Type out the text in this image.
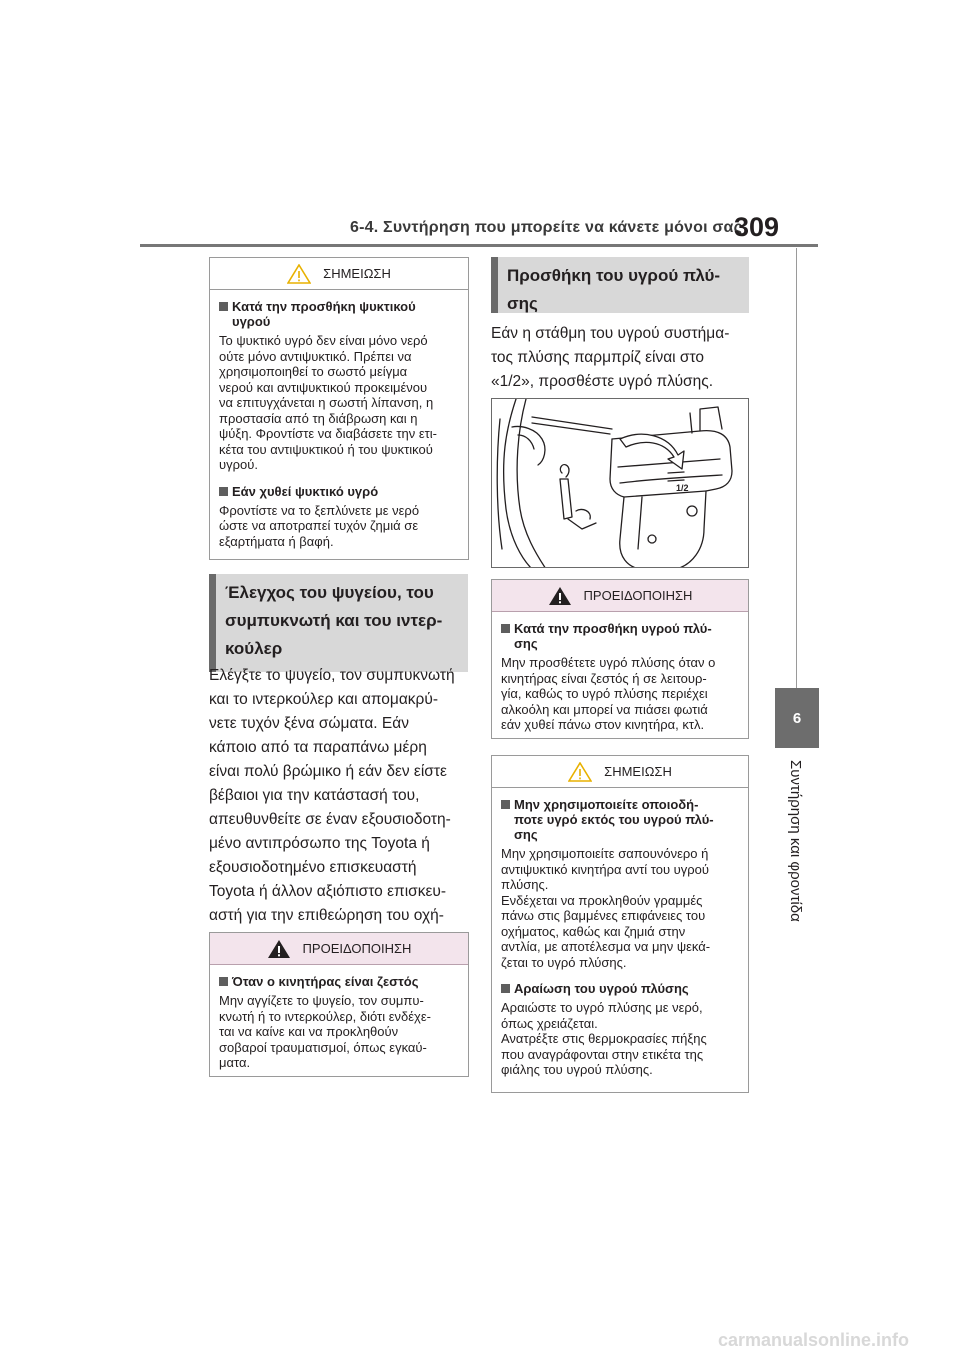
6-4. Συντήρηση που μπορείτε να κάνετε μόνοι σας
309
6
Συντήρηση και φροντίδα
ΣΗΜΕΙΩΣΗ
Κατά την προσθήκη ψυκτικού
υγρού
Το ψυκτικό υγρό δεν είναι μόνο νερό
ούτε μόνο αντιψυκτικό. Πρέπει να
χρησιμοποιηθεί το σωστό μείγμα
νερού και αντιψυκτικού προκειμένου
να επιτυγχάνεται η σωστή λίπανση, η
προστασία από τη διάβρωση και η
ψύξη. Φροντίστε να διαβάσετε την ετι-
κέτα του αντιψυκτικού ή του ψυκτικού
υγρού.
Εάν χυθεί ψυκτικό υγρό
Φροντίστε να το ξεπλύνετε με νερό
ώστε να αποτραπεί τυχόν ζημιά σε
εξαρτήματα ή βαφή.
Έλεγχος του ψυγείου, του
συμπυκνωτή και του ιντερ-
κούλερ
Ελέγξτε το ψυγείο, τον συμπυκνωτή
και το ιντερκούλερ και απομακρύ-
νετε τυχόν ξένα σώματα. Εάν
κάποιο από τα παραπάνω μέρη
είναι πολύ βρώμικο ή εάν δεν είστε
βέβαιοι για την κατάστασή του,
απευθυνθείτε σε έναν εξουσιοδοτη-
μένο αντιπρόσωπο της Toyota ή
εξουσιοδοτημένο επισκευαστή
Toyota ή άλλον αξιόπιστο επισκευ-
αστή για την επιθεώρηση του οχή-

ΠΡΟΕΙΔΟΠΟΙΗΣΗ
Όταν ο κινητήρας είναι ζεστός
Μην αγγίζετε το ψυγείο, τον συμπυ-
κνωτή ή το ιντερκούλερ, διότι ενδέχε-
ται να καίνε και να προκληθούν
σοβαροί τραυματισμοί, όπως εγκαύ-
ματα.
Προσθήκη του υγρού πλύ-
σης
Εάν η στάθμη του υγρού συστήμα-
τος πλύσης παρμπρίζ είναι στο
«1/2», προσθέστε υγρό πλύσης.
1/2
ΠΡΟΕΙΔΟΠΟΙΗΣΗ
Κατά την προσθήκη υγρού πλύ-
σης
Μην προσθέτετε υγρό πλύσης όταν ο
κινητήρας είναι ζεστός ή σε λειτουρ-
γία, καθώς το υγρό πλύσης περιέχει
αλκοόλη και μπορεί να πιάσει φωτιά
εάν χυθεί πάνω στον κινητήρα, κτλ.
ΣΗΜΕΙΩΣΗ
Μην χρησιμοποιείτε οποιοδή-
ποτε υγρό εκτός του υγρού πλύ-
σης
Μην χρησιμοποιείτε σαπουνόνερο ή
αντιψυκτικό κινητήρα αντί του υγρού
πλύσης.
Ενδέχεται να προκληθούν γραμμές
πάνω στις βαμμένες επιφάνειες του
οχήματος, καθώς και ζημιά στην
αντλία, με αποτέλεσμα να μην ψεκά-
ζεται το υγρό πλύσης.
Αραίωση του υγρού πλύσης
Αραιώστε το υγρό πλύσης με νερό,
όπως χρειάζεται.
Ανατρέξτε στις θερμοκρασίες πήξης
που αναγράφονται στην ετικέτα της
φιάλης του υγρού πλύσης.
carmanualsonline.info
